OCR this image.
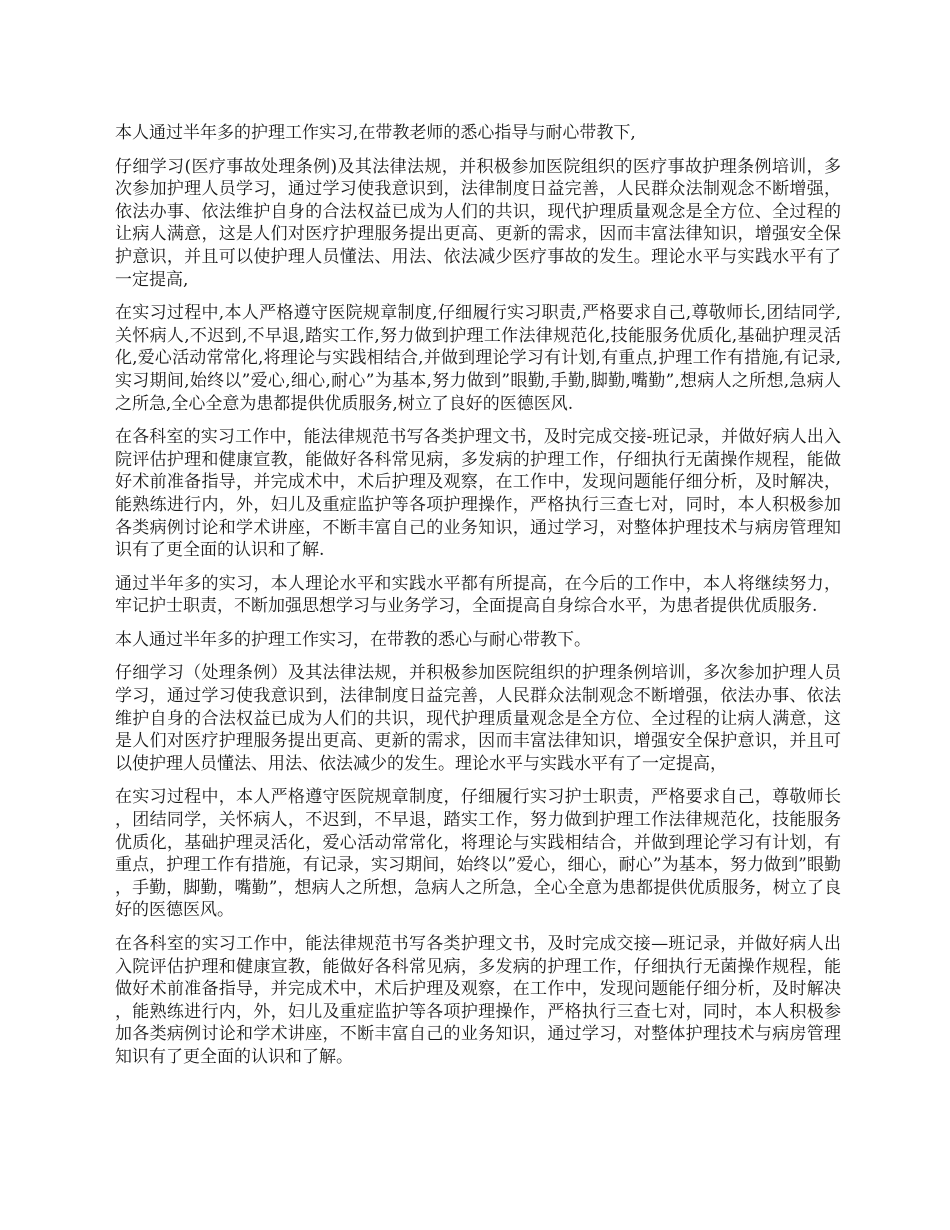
本人通过半年多的护理工作实习,在带教老师的悉心指导与耐心带教下,

仔细学习(医疗事故处理条例)及其法律法规，并积极参加医院组织的医疗事故护理条例培训，多次参加护理人员学习，通过学习使我意识到，法律制度日益完善，人民群众法制观念不断增强，依法办事、依法维护自身的合法权益已成为人们的共识，现代护理质量观念是全方位、全过程的让病人满意，这是人们对医疗护理服务提出更高、更新的需求，因而丰富法律知识，增强安全保护意识，并且可以使护理人员懂法、用法、依法减少医疗事故的发生。理论水平与实践水平有了一定提高,

在实习过程中,本人严格遵守医院规章制度,仔细履行实习职责,严格要求自己,尊敬师长,团结同学,关怀病人,不迟到,不早退,踏实工作,努力做到护理工作法律规范化,技能服务优质化,基础护理灵活化,爱心活动常常化,将理论与实践相结合,并做到理论学习有计划,有重点,护理工作有措施,有记录,实习期间,始终以”爱心,细心,耐心”为基本,努力做到”眼勤,手勤,脚勤,嘴勤”,想病人之所想,急病人之所急,全心全意为患都提供优质服务,树立了良好的医德医风.

在各科室的实习工作中，能法律规范书写各类护理文书，及时完成交接-班记录，并做好病人出入院评估护理和健康宣教，能做好各科常见病，多发病的护理工作，仔细执行无菌操作规程，能做好术前准备指导，并完成术中，术后护理及观察，在工作中，发现问题能仔细分析，及时解决，能熟练进行内，外，妇儿及重症监护等各项护理操作，严格执行三查七对，同时，本人积极参加各类病例讨论和学术讲座，不断丰富自己的业务知识，通过学习，对整体护理技术与病房管理知识有了更全面的认识和了解.

通过半年多的实习，本人理论水平和实践水平都有所提高，在今后的工作中，本人将继续努力，牢记护士职责，不断加强思想学习与业务学习，全面提高自身综合水平，为患者提供优质服务.

本人通过半年多的护理工作实习，在带教的悉心与耐心带教下。

仔细学习（处理条例）及其法律法规，并积极参加医院组织的护理条例培训，多次参加护理人员学习，通过学习使我意识到，法律制度日益完善，人民群众法制观念不断增强，依法办事、依法维护自身的合法权益已成为人们的共识，现代护理质量观念是全方位、全过程的让病人满意，这是人们对医疗护理服务提出更高、更新的需求，因而丰富法律知识，增强安全保护意识，并且可以使护理人员懂法、用法、依法减少的发生。理论水平与实践水平有了一定提高，

在实习过程中，本人严格遵守医院规章制度，仔细履行实习护士职责，严格要求自己，尊敬师长，团结同学，关怀病人，不迟到，不早退，踏实工作，努力做到护理工作法律规范化，技能服务优质化，基础护理灵活化，爱心活动常常化，将理论与实践相结合，并做到理论学习有计划，有重点，护理工作有措施，有记录，实习期间，始终以”爱心，细心，耐心”为基本，努力做到”眼勤，手勤，脚勤，嘴勤”，想病人之所想，急病人之所急，全心全意为患都提供优质服务，树立了良好的医德医风。

在各科室的实习工作中，能法律规范书写各类护理文书，及时完成交接—班记录，并做好病人出入院评估护理和健康宣教，能做好各科常见病，多发病的护理工作，仔细执行无菌操作规程，能做好术前准备指导，并完成术中，术后护理及观察，在工作中，发现问题能仔细分析，及时解决，能熟练进行内，外，妇儿及重症监护等各项护理操作，严格执行三查七对，同时，本人积极参加各类病例讨论和学术讲座，不断丰富自己的业务知识，通过学习，对整体护理技术与病房管理知识有了更全面的认识和了解。
